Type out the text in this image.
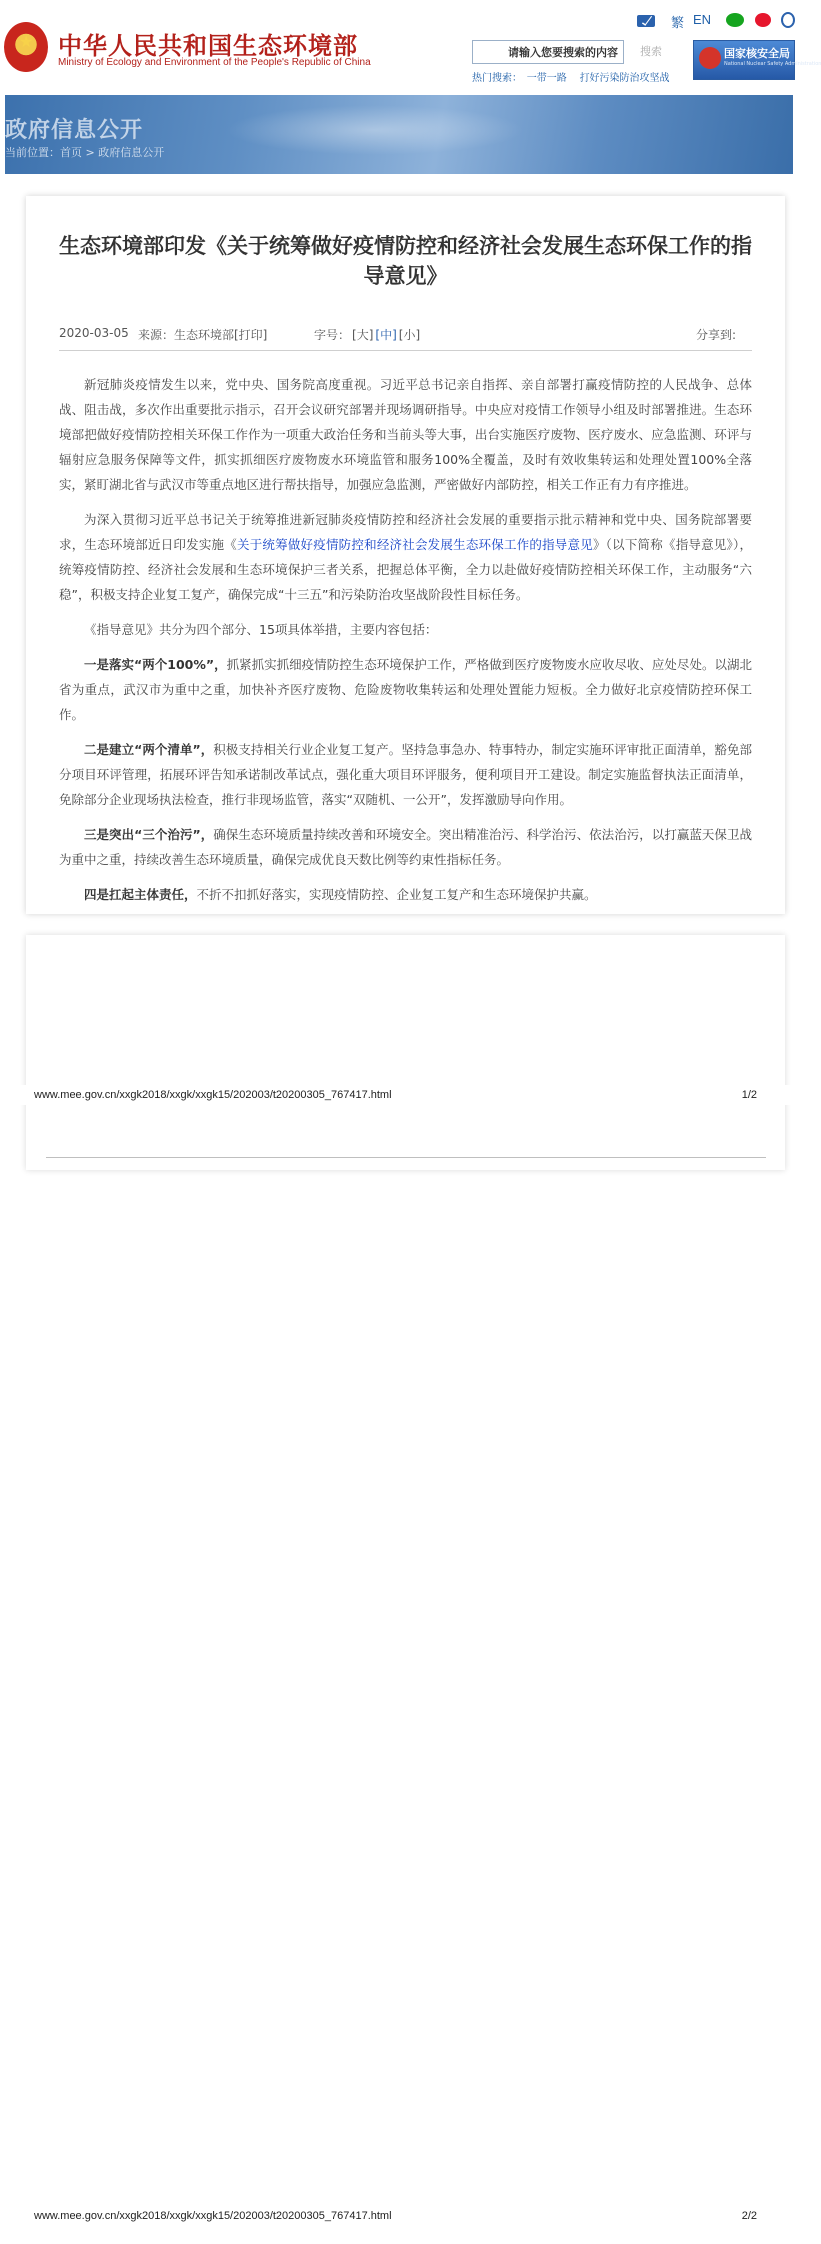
★ 中华人民共和国生态环境部
Ministry of Ecology and Environment of the People's Republic of China
繁 EN
请输入您要搜索的内容
搜索
热门搜索： 一带一路 打好污染防治攻坚战
国家核安全局
National Nuclear Safety Administration
政府信息公开
当前位置：首页 > 政府信息公开
生态环境部印发《关于统筹做好疫情防控和经济社会发展生态环保工作的指导意见》
2020-03-05 来源：生态环境部[打印]	字号： [大] [中] [小]	分享到:

新冠肺炎疫情发生以来，党中央、国务院高度重视。习近平总书记亲自指挥、亲自部署打赢疫情防控的人民战争、总体战、阻击战，多次作出重要批示指示，召开会议研究部署并现场调研指导。中央应对疫情工作领导小组及时部署推进。生态环境部把做好疫情防控相关环保工作作为一项重大政治任务和当前头等大事，出台实施医疗废物、医疗废水、应急监测、环评与辐射应急服务保障等文件，抓实抓细医疗废物废水环境监管和服务100%全覆盖，及时有效收集转运和处理处置100%全落实，紧盯湖北省与武汉市等重点地区进行帮扶指导，加强应急监测，严密做好内部防控，相关工作正有力有序推进。

为深入贯彻习近平总书记关于统筹推进新冠肺炎疫情防控和经济社会发展的重要指示批示精神和党中央、国务院部署要求，生态环境部近日印发实施《关于统筹做好疫情防控和经济社会发展生态环保工作的指导意见》（以下简称《指导意见》），统筹疫情防控、经济社会发展和生态环境保护三者关系，把握总体平衡，全力以赴做好疫情防控相关环保工作，主动服务“六稳”，积极支持企业复工复产，确保完成“十三五”和污染防治攻坚战阶段性目标任务。

《指导意见》共分为四个部分、15项具体举措，主要内容包括：

一是落实“两个100%”，抓紧抓实抓细疫情防控生态环境保护工作，严格做到医疗废物废水应收尽收、应处尽处。以湖北省为重点，武汉市为重中之重，加快补齐医疗废物、危险废物收集转运和处理处置能力短板。全力做好北京疫情防控环保工作。

二是建立“两个清单”，积极支持相关行业企业复工复产。坚持急事急办、特事特办，制定实施环评审批正面清单，豁免部分项目环评管理，拓展环评告知承诺制改革试点，强化重大项目环评服务，便利项目开工建设。制定实施监督执法正面清单，免除部分企业现场执法检查，推行非现场监管，落实“双随机、一公开”，发挥激励导向作用。

三是突出“三个治污”，确保生态环境质量持续改善和环境安全。突出精准治污、科学治污、依法治污，以打赢蓝天保卫战为重中之重，持续改善生态环境质量，确保完成优良天数比例等约束性指标任务。

四是扛起主体责任，不折不扣抓好落实，实现疫情防控、企业复工复产和生态环境保护共赢。

www.mee.gov.cn/xxgk2018/xxgk/xxgk15/202003/t20200305_767417.html	1/2
www.mee.gov.cn/xxgk2018/xxgk/xxgk15/202003/t20200305_767417.html	2/2
